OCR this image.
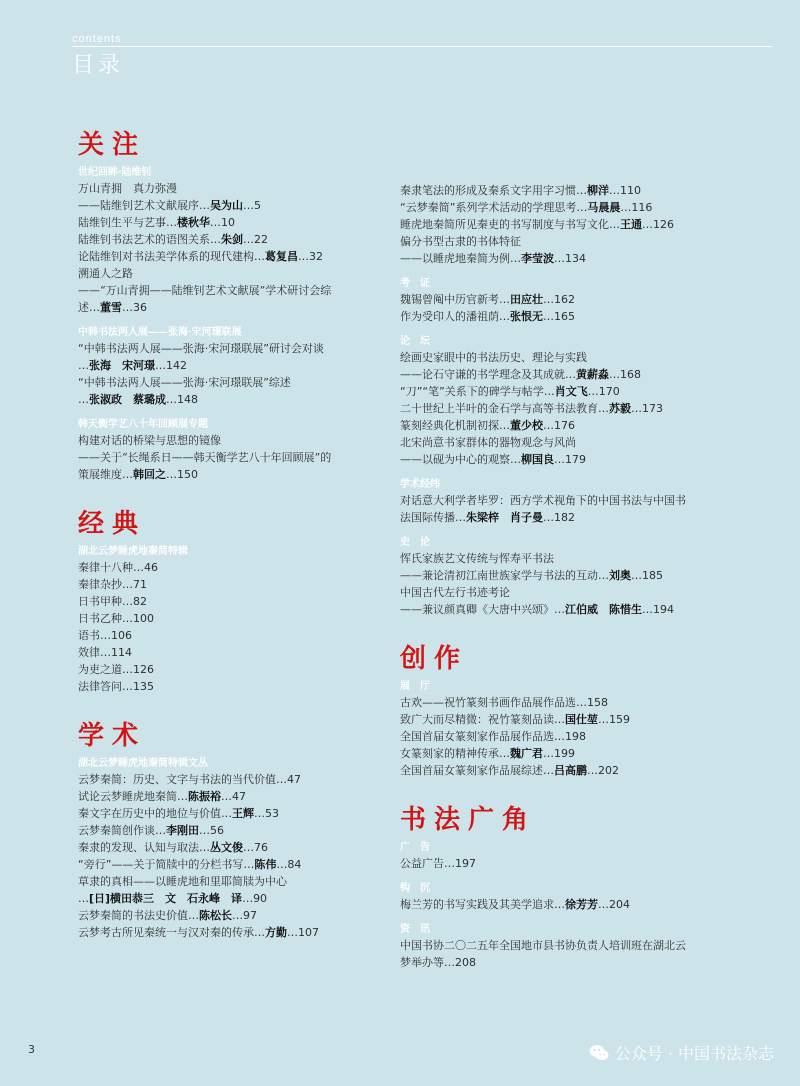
contents
目录
关注
世纪回眸·陆维钊
万山青拥　真力弥漫
——陆维钊艺术文献展序…吴为山…5
陆维钊生平与艺事…楼秋华…10
陆维钊书法艺术的语图关系…朱剑…22
论陆维钊对书法美学体系的现代建构…葛复昌…32
溯通人之路
——“万山青拥——陆维钊艺术文献展”学术研讨会综
述…董雪…36
中韩书法两人展——张海·宋河璟联展
“中韩书法两人展——张海·宋河璟联展”研讨会对谈
…张海　宋河璟…142
“中韩书法两人展——张海·宋河璟联展”综述
…张淑政　蔡璐成…148
韩天衡学艺八十年回顾展专题
构建对话的桥梁与思想的镜像
——关于“长绳系日——韩天衡学艺八十年回顾展”的
策展维度…韩回之…150
经典
湖北云梦睡虎地秦简特辑
秦律十八种…46
秦律杂抄…71
日书甲种…82
日书乙种…100
语书…106
效律…114
为吏之道…126
法律答问…135
学术
湖北云梦睡虎地秦简特辑文丛
云梦秦简：历史、文字与书法的当代价值…47
试论云梦睡虎地秦简…陈振裕…47
秦文字在历史中的地位与价值…王辉…53
云梦秦简创作谈…李刚田…56
秦隶的发现、认知与取法…丛文俊…76
“旁行”——关于简牍中的分栏书写…陈伟…84
草隶的真相——以睡虎地和里耶简牍为中心
…[日]横田恭三　文　石永峰　译…90
云梦秦简的书法史价值…陈松长…97
云梦考古所见秦统一与汉对秦的传承…方勤…107
秦隶笔法的形成及秦系文字用字习惯…柳洋…110
“云梦秦简”系列学术活动的学理思考…马晨晨…116
睡虎地秦简所见秦吏的书写制度与书写文化…王通…126
偏分书型古隶的书体特征
——以睡虎地秦简为例…李莹波…134
考　证
魏锡曾阄中历官新考…田应壮…162
作为受印人的潘祖荫…张恨无…165
论　坛
绘画史家眼中的书法历史、理论与实践
——论石守谦的书学理念及其成就…黄薪淼…168
“刀”“笔”关系下的碑学与帖学…肖文飞…170
二十世纪上半叶的金石学与高等书法教育…苏毅…173
篆刻经典化机制初探…董少校…176
北宋尚意书家群体的器物观念与风尚
——以砚为中心的观察…柳国良…179
学术经纬
对话意大利学者毕罗：西方学术视角下的中国书法与中国书
法国际传播…朱梁梓　肖子曼…182
史　论
恽氏家族艺文传统与恽寿平书法
——兼论清初江南世族家学与书法的互动…刘奥…185
中国古代左行书迹考论
——兼议颜真卿《大唐中兴颂》…江伯威　陈惜生…194
创作
展　厅
古欢——祝竹篆刻书画作品展作品选…158
致广大而尽精微：祝竹篆刻品读…国仕堃…159
全国首届女篆刻家作品展作品选…198
女篆刻家的精神传承…魏广君…199
全国首届女篆刻家作品展综述…吕高鹏…202
书法广角
广　告
公益广告…197
钩　沉
梅兰芳的书写实践及其美学追求…徐芳芳…204
资　讯
中国书协二〇二五年全国地市县书协负责人培训班在湖北云
梦举办等…208
3	公众号 · 中国书法杂志
